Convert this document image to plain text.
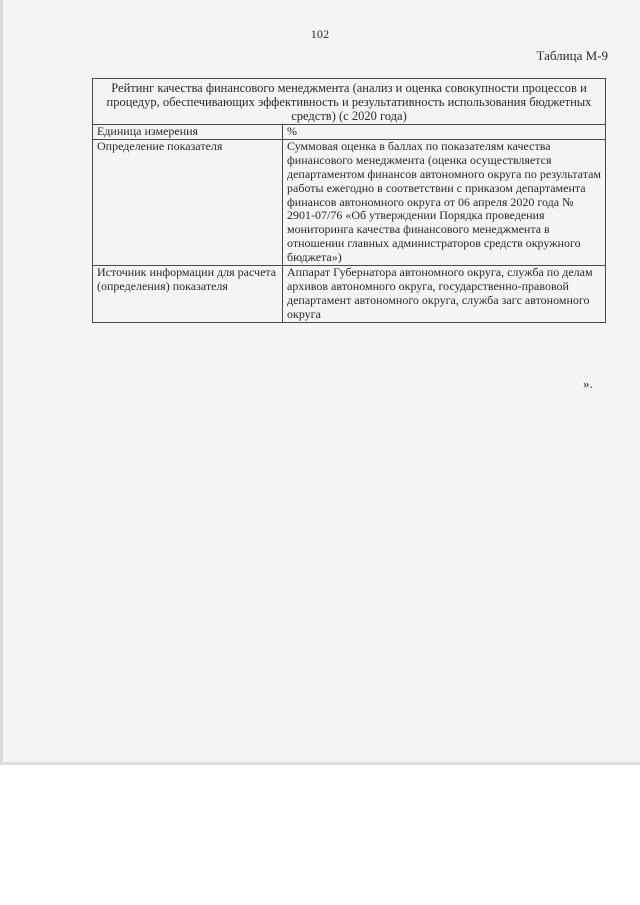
102
Таблица М-9
Рейтинг качества финансового менеджмента (анализ и оценка совокупности процессов и процедур, обеспечивающих эффективность и результативность использования бюджетных средств) (с 2020 года)	
Единица измерения	%
Определение показателя	Суммовая оценка в баллах по показателям качества финансового менеджмента (оценка осуществляется департаментом финансов автономного округа по результатам работы ежегодно в соответствии с приказом департамента финансов автономного округа от 06 апреля 2020 года № 2901-07/76 «Об утверждении Порядка проведения мониторинга качества финансового менеджмента в отношении главных администраторов средств окружного бюджета»)
Источник информации для расчета (определения) показателя	Аппарат Губернатора автономного округа, служба по делам архивов автономного округа, государственно-правовой департамент автономного округа, служба загс автономного округа
».
